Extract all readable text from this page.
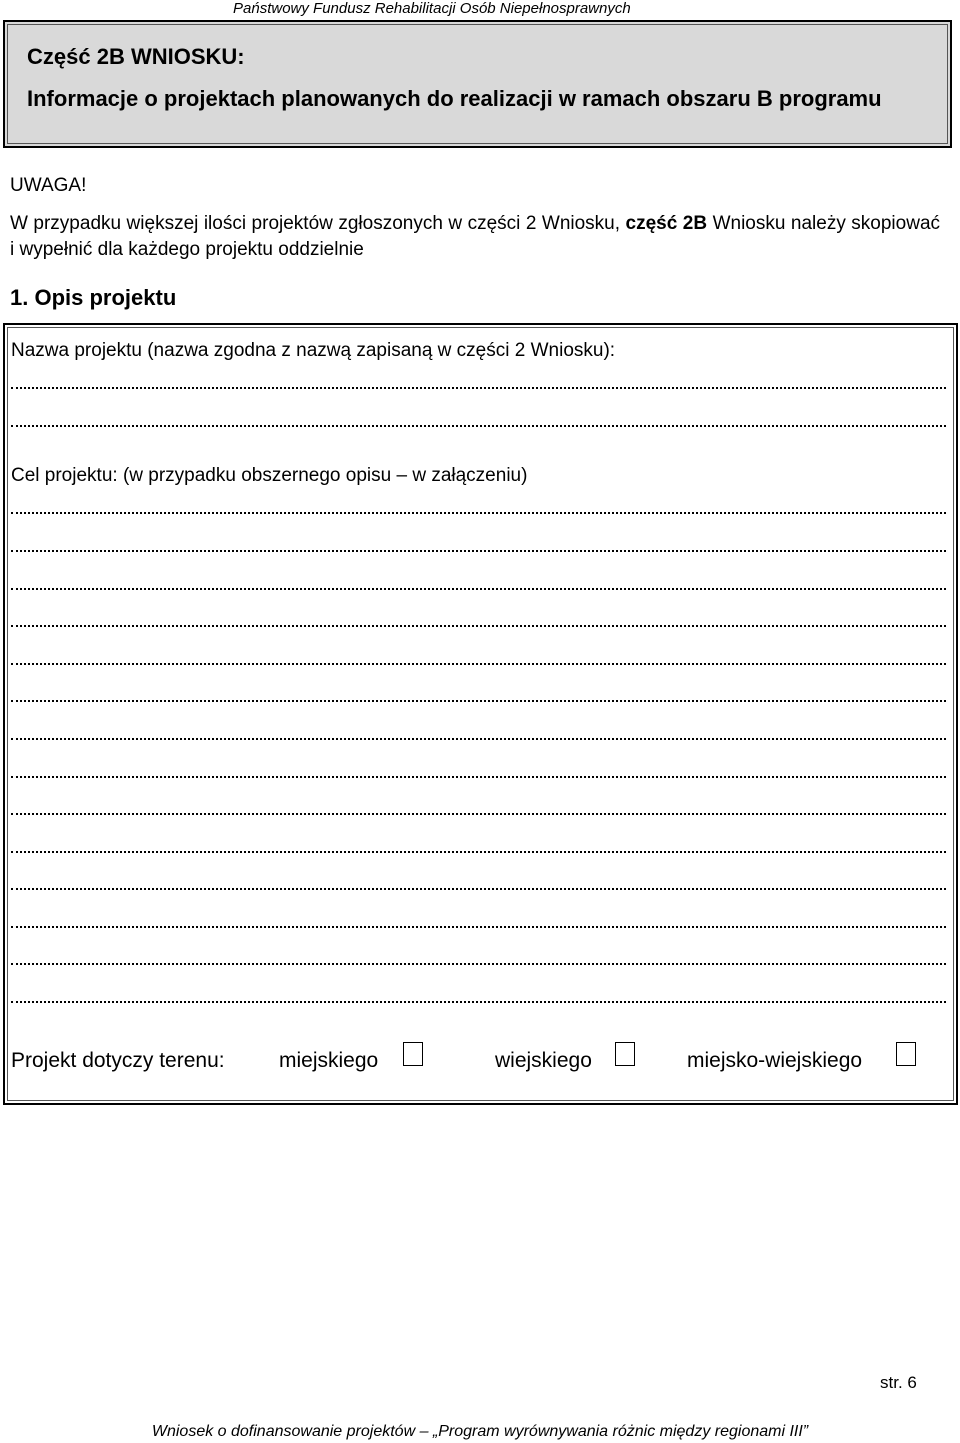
Państwowy Fundusz Rehabilitacji Osób Niepełnosprawnych
Część 2B WNIOSKU:
Informacje o projektach planowanych do realizacji w ramach obszaru B programu
UWAGA!
W przypadku większej ilości projektów zgłoszonych w części 2 Wniosku, część 2B Wniosku należy skopiować i wypełnić dla każdego projektu oddzielnie
1. Opis projektu
Nazwa projektu (nazwa zgodna z nazwą zapisaną w części 2 Wniosku):
Cel projektu: (w przypadku obszernego opisu – w załączeniu)
Projekt dotyczy terenu:	miejskiego	wiejskiego	miejsko-wiejskiego
str. 6
Wniosek o dofinansowanie projektów – „Program wyrównywania różnic między regionami III”
